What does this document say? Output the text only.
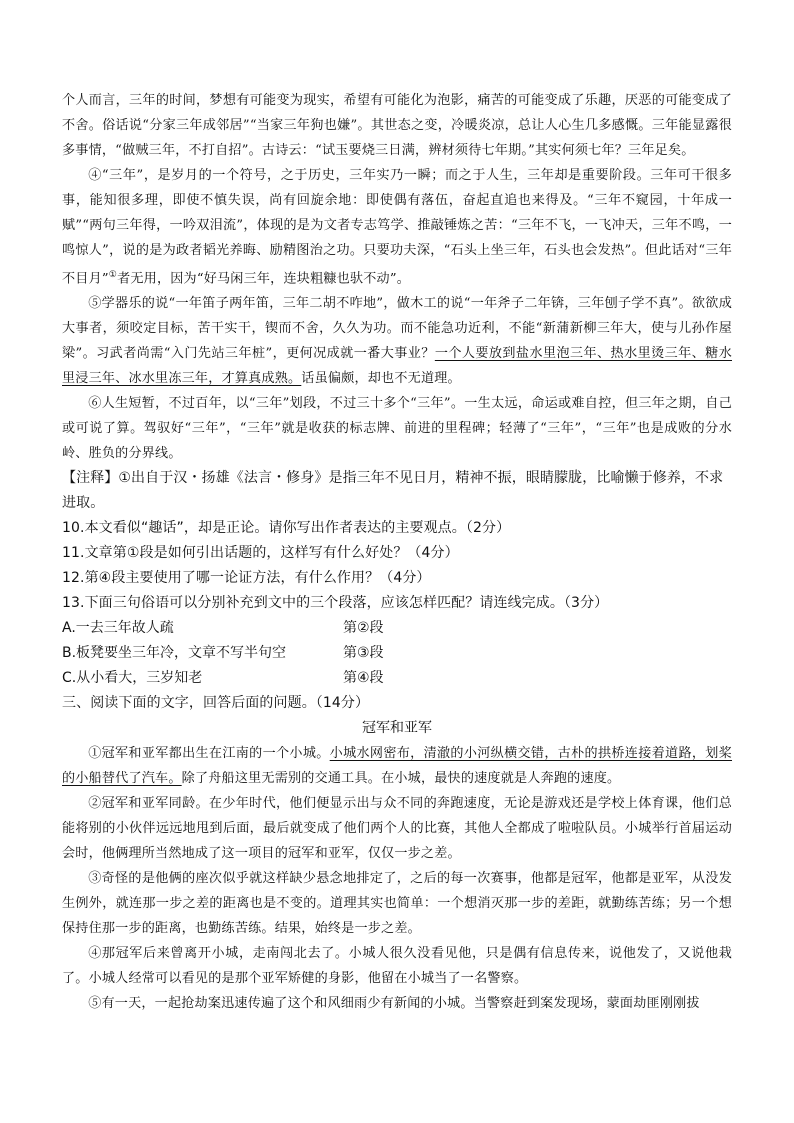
个人而言，三年的时间，梦想有可能变为现实，希望有可能化为泡影，痛苦的可能变成了乐趣，厌恶的可能变成了不舍。俗话说“分家三年成邻居”“当家三年狗也嫌”。其世态之变，冷暖炎凉，总让人心生几多感慨。三年能显露很多事情，“做贼三年，不打自招”。古诗云：“试玉要烧三日满，辨材须待七年期。”其实何须七年？三年足矣。

④“三年”，是岁月的一个符号，之于历史，三年实乃一瞬；而之于人生，三年却是重要阶段。三年可干很多事，能知很多理，即使不慎失误，尚有回旋余地：即使偶有落伍，奋起直追也来得及。“三年不窥园，十年成一赋”“两句三年得，一吟双泪流”，体现的是为文者专志笃学、推敲锤炼之苦：“三年不飞，一飞冲天，三年不鸣，一鸣惊人”，说的是为政者韬光养晦、励精图治之功。只要功夫深，“石头上坐三年，石头也会发热”。但此话对“三年不目月”①者无用，因为“好马闲三年，连块粗糠也驮不动”。

⑤学器乐的说“一年笛子两年笛，三年二胡不咋地”，做木工的说“一年斧子二年锛，三年刨子学不真”。欲欲成大事者，须咬定目标，苦干实干，锲而不舍，久久为功。而不能急功近利，不能“新蒲新柳三年大，使与儿孙作屋梁”。习武者尚需“入门先站三年桩”，更何况成就一番大事业？一个人要放到盐水里泡三年、热水里烫三年、糖水里浸三年、冰水里冻三年，才算真成熟。话虽偏颇，却也不无道理。

⑥人生短暂，不过百年，以“三年”划段，不过三十多个“三年”。一生太远，命运或难自控，但三年之期，自己或可说了算。驾驭好“三年”，“三年”就是收获的标志牌、前进的里程碑；轻薄了“三年”，“三年”也是成败的分水岭、胜负的分界线。

【注释】①出自于汉・扬雄《法言・修身》是指三年不见日月，精神不振，眼睛朦胧，比喻懒于修养，不求进取。

10.本文看似“趣话”，却是正论。请你写出作者表达的主要观点。（2分）

11.文章第①段是如何引出话题的，这样写有什么好处？（4分）

12.第④段主要使用了哪一论证方法，有什么作用？（4分）

13.下面三句俗语可以分别补充到文中的三个段落，应该怎样匹配？请连线完成。（3分）

A.一去三年故人疏	第②段
B.板凳要坐三年冷，文章不写半句空	第③段
C.从小看大，三岁知老	第④段

三、阅读下面的文字，回答后面的问题。（14分）

冠军和亚军

①冠军和亚军都出生在江南的一个小城。小城水网密布，清澈的小河纵横交错，古朴的拱桥连接着道路，划桨的小船替代了汽车。除了舟船这里无需别的交通工具。在小城，最快的速度就是人奔跑的速度。

②冠军和亚军同龄。在少年时代，他们便显示出与众不同的奔跑速度，无论是游戏还是学校上体育课，他们总能将别的小伙伴远远地甩到后面，最后就变成了他们两个人的比赛，其他人全都成了啦啦队员。小城举行首届运动会时，他俩理所当然地成了这一项目的冠军和亚军，仅仅一步之差。

③奇怪的是他俩的座次似乎就这样缺少悬念地排定了，之后的每一次赛事，他都是冠军，他都是亚军，从没发生例外，就连那一步之差的距离也是不变的。道理其实也简单：一个想消灭那一步的差距，就勤练苦练；另一个想保持住那一步的距离，也勤练苦练。结果，始终是一步之差。

④那冠军后来曾离开小城，走南闯北去了。小城人很久没看见他，只是偶有信息传来，说他发了，又说他栽了。小城人经常可以看见的是那个亚军矫健的身影，他留在小城当了一名警察。

⑤有一天，一起抢劫案迅速传遍了这个和风细雨少有新闻的小城。当警察赶到案发现场，蒙面劫匪刚刚拔
